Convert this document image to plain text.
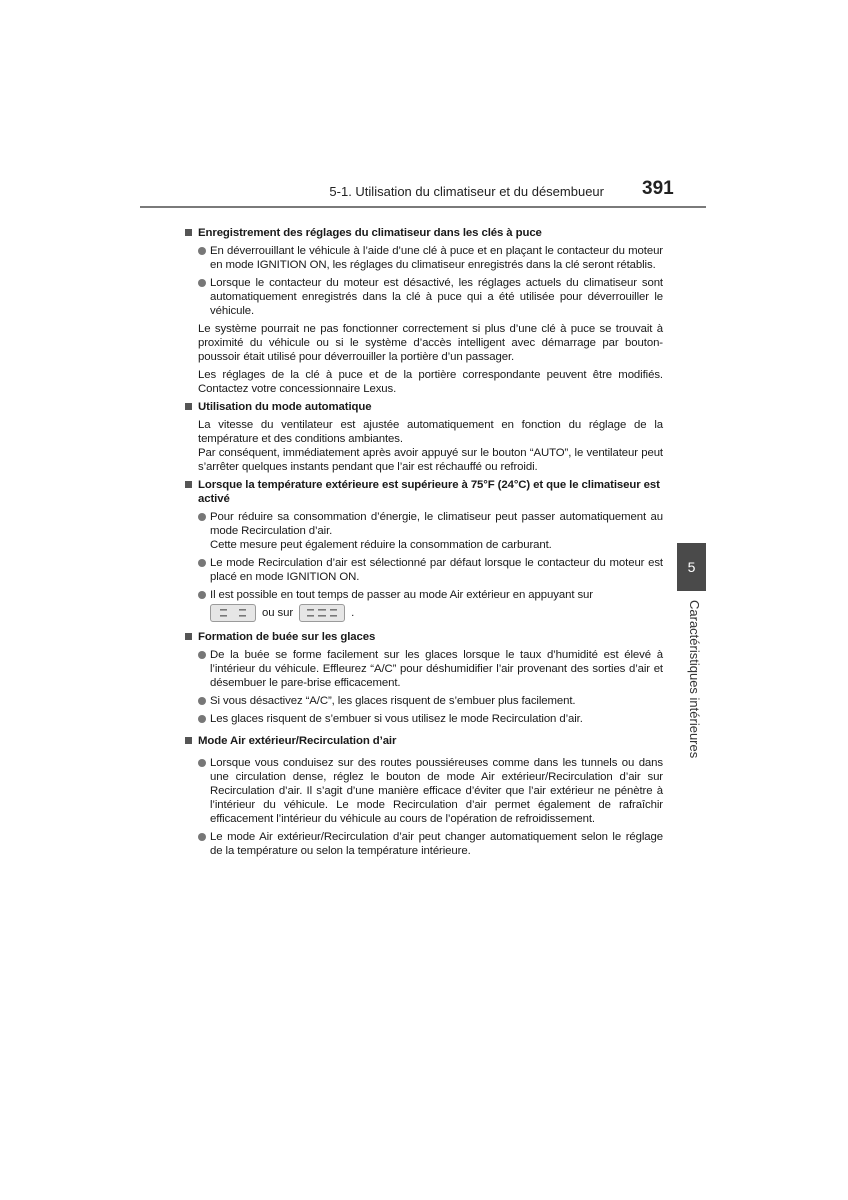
5-1. Utilisation du climatiseur et du désembueur 391
Enregistrement des réglages du climatiseur dans les clés à puce
En déverrouillant le véhicule à l’aide d’une clé à puce et en plaçant le contacteur du moteur en mode IGNITION ON, les réglages du climatiseur enregistrés dans la clé seront rétablis.
Lorsque le contacteur du moteur est désactivé, les réglages actuels du climatiseur sont automatiquement enregistrés dans la clé à puce qui a été utilisée pour déverrouiller le véhicule.
Le système pourrait ne pas fonctionner correctement si plus d’une clé à puce se trouvait à proximité du véhicule ou si le système d’accès intelligent avec démarrage par bouton-poussoir était utilisé pour déverrouiller la portière d’un passager.
Les réglages de la clé à puce et de la portière correspondante peuvent être modifiés. Contactez votre concessionnaire Lexus.
Utilisation du mode automatique
La vitesse du ventilateur est ajustée automatiquement en fonction du réglage de la température et des conditions ambiantes.
Par conséquent, immédiatement après avoir appuyé sur le bouton “AUTO”, le ventilateur peut s’arrêter quelques instants pendant que l’air est réchauffé ou refroidi.
Lorsque la température extérieure est supérieure à 75°F (24°C) et que le climatiseur est activé
Pour réduire sa consommation d’énergie, le climatiseur peut passer automatiquement au mode Recirculation d’air.
Cette mesure peut également réduire la consommation de carburant.
Le mode Recirculation d’air est sélectionné par défaut lorsque le contacteur du moteur est placé en mode IGNITION ON.
Il est possible en tout temps de passer au mode Air extérieur en appuyant sur
ou sur	.
Formation de buée sur les glaces
De la buée se forme facilement sur les glaces lorsque le taux d’humidité est élevé à l’intérieur du véhicule. Effleurez “A/C” pour déshumidifier l’air provenant des sorties d’air et désembuer le pare-brise efficacement.
Si vous désactivez “A/C”, les glaces risquent de s’embuer plus facilement.
Les glaces risquent de s’embuer si vous utilisez le mode Recirculation d’air.
Mode Air extérieur/Recirculation d’air
Lorsque vous conduisez sur des routes poussiéreuses comme dans les tunnels ou dans une circulation dense, réglez le bouton de mode Air extérieur/Recirculation d’air sur Recirculation d’air. Il s’agit d’une manière efficace d’éviter que l’air extérieur ne pénètre à l’intérieur du véhicule. Le mode Recirculation d’air permet également de rafraîchir efficacement l’intérieur du véhicule au cours de l’opération de refroidissement.
Le mode Air extérieur/Recirculation d’air peut changer automatiquement selon le réglage de la température ou selon la température intérieure.
5
Caractéristiques intérieures
